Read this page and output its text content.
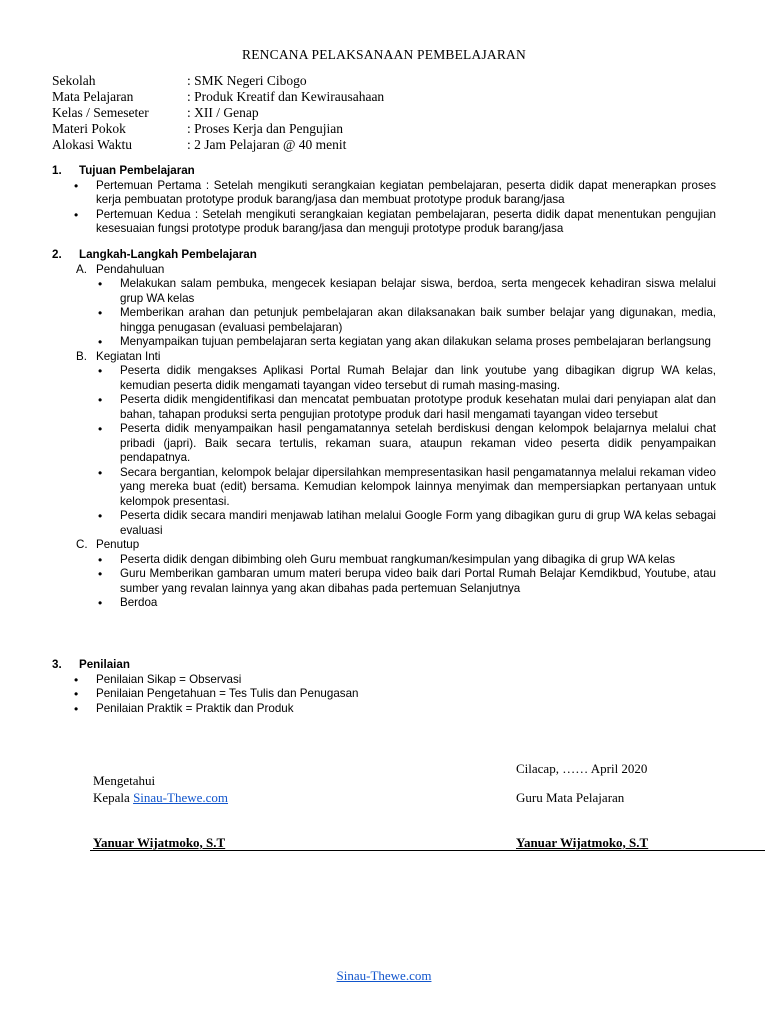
RENCANA PELAKSANAAN PEMBELAJARAN
Sekolah	: SMK Negeri Cibogo
Mata Pelajaran	: Produk Kreatif dan Kewirausahaan
Kelas / Semeseter	: XII / Genap
Materi Pokok	: Proses Kerja dan Pengujian
Alokasi Waktu	: 2 Jam Pelajaran @ 40 menit
1.	Tujuan Pembelajaran
• Pertemuan Pertama : Setelah mengikuti serangkaian kegiatan pembelajaran, peserta didik dapat menerapkan proses kerja pembuatan prototype produk barang/jasa dan membuat prototype produk barang/jasa
• Pertemuan Kedua : Setelah mengikuti serangkaian kegiatan pembelajaran, peserta didik dapat menentukan pengujian kesesuaian fungsi prototype produk barang/jasa dan menguji prototype produk barang/jasa
2.	Langkah-Langkah Pembelajaran
A. Pendahuluan
• Melakukan salam pembuka, mengecek kesiapan belajar siswa, berdoa, serta mengecek kehadiran siswa melalui grup WA kelas
• Memberikan arahan dan petunjuk pembelajaran akan dilaksanakan baik sumber belajar yang digunakan, media, hingga penugasan (evaluasi pembelajaran)
• Menyampaikan tujuan pembelajaran serta kegiatan yang akan dilakukan selama proses pembelajaran berlangsung
B. Kegiatan Inti
• Peserta didik mengakses Aplikasi Portal Rumah Belajar dan link youtube yang dibagikan digrup WA kelas, kemudian peserta didik mengamati tayangan video tersebut di rumah masing-masing.
• Peserta didik mengidentifikasi dan mencatat pembuatan prototype produk kesehatan mulai dari penyiapan alat dan bahan, tahapan produksi serta pengujian prototype produk dari hasil mengamati tayangan video tersebut
• Peserta didik menyampaikan hasil pengamatannya setelah berdiskusi dengan kelompok belajarnya melalui chat pribadi (japri). Baik secara tertulis, rekaman suara, ataupun rekaman video peserta didik penyampaikan pendapatnya.
• Secara bergantian, kelompok belajar dipersilahkan mempresentasikan hasil pengamatannya melalui rekaman video yang mereka buat (edit) bersama. Kemudian kelompok lainnya menyimak dan mempersiapkan pertanyaan untuk kelompok presentasi.
• Peserta didik secara mandiri menjawab latihan melalui Google Form yang dibagikan guru di grup WA kelas sebagai evaluasi
C. Penutup
• Peserta didik dengan dibimbing oleh Guru membuat rangkuman/kesimpulan yang dibagika di grup WA kelas
• Guru Memberikan gambaran umum materi berupa video baik dari Portal Rumah Belajar Kemdikbud, Youtube, atau sumber yang revalan lainnya yang akan dibahas pada pertemuan Selanjutnya
• Berdoa
3.	Penilaian
• Penilaian Sikap = Observasi
• Penilaian Pengetahuan = Tes Tulis dan Penugasan
• Penilaian Praktik = Praktik dan Produk
Cilacap, …… April 2020
Mengetahui
Kepala Sinau-Thewe.com	Guru Mata Pelajaran
Yanuar Wijatmoko, S.T	Yanuar Wijatmoko, S.T
Sinau-Thewe.com
